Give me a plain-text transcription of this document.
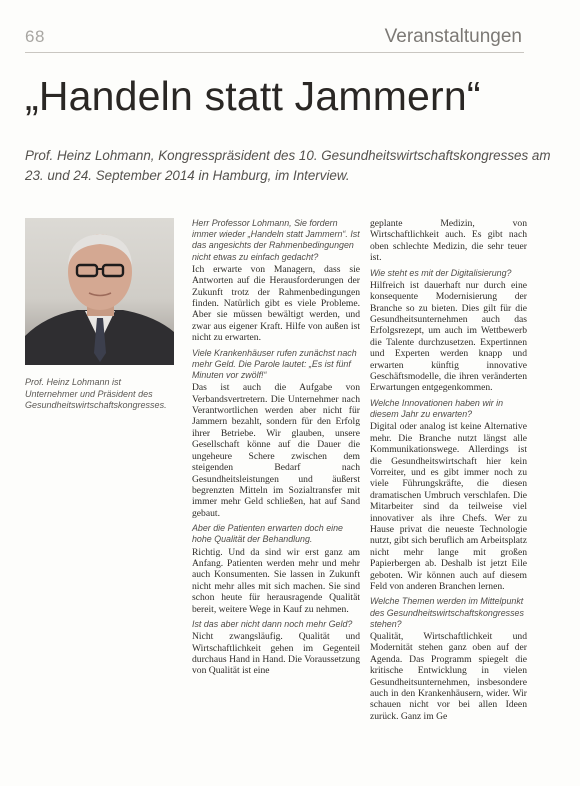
68	Veranstaltungen
„Handeln statt Jammern“

Prof. Heinz Lohmann, Kongresspräsident des 10. Gesundheitswirtschaftskongresses am 23. und 24. September 2014 in Hamburg, im Interview.

Prof. Heinz Lohmann ist Unternehmer und Präsident des Gesundheitswirtschaftskongresses.

Herr Professor Lohmann, Sie fordern immer wieder „Handeln statt Jammern“. Ist das angesichts der Rahmenbedingungen nicht etwas zu einfach gedacht?

Ich erwarte von Managern, dass sie Antworten auf die Herausforderungen der Zukunft trotz der Rahmenbedingungen finden. Natürlich gibt es viele Probleme. Aber sie müssen bewältigt werden, und zwar aus eigener Kraft. Hilfe von außen ist nicht zu erwarten.

Viele Krankenhäuser rufen zunächst nach mehr Geld. Die Parole lautet: „Es ist fünf Minuten vor zwölf!“

Das ist auch die Aufgabe von Verbandsvertretern. Die Unternehmer nach Verantwortlichen werden aber nicht für Jammern bezahlt, sondern für den Erfolg ihrer Betriebe. Wir glauben, unsere Gesellschaft könne auf die Dauer die ungeheure Schere zwischen dem steigenden Bedarf nach Gesundheitsleistungen und äußerst begrenzten Mitteln im Sozialtransfer mit immer mehr Geld schließen, hat auf Sand gebaut.

Aber die Patienten erwarten doch eine hohe Qualität der Behandlung.

Richtig. Und da sind wir erst ganz am Anfang. Patienten werden mehr und mehr auch Konsumenten. Sie lassen in Zukunft nicht mehr alles mit sich machen. Sie sind schon heute für herausragende Qualität bereit, weitere Wege in Kauf zu nehmen.

Ist das aber nicht dann noch mehr Geld?

Nicht zwangsläufig. Qualität und Wirtschaftlichkeit gehen im Gegenteil durchaus Hand in Hand. Die Voraussetzung von Qualität ist eine

geplante Medizin, von Wirtschaftlichkeit auch. Es gibt nach oben schlechte Medizin, die sehr teuer ist.

Wie steht es mit der Digitalisierung?

Hilfreich ist dauerhaft nur durch eine konsequente Modernisierung der Branche so zu bieten. Dies gilt für die Gesundheitsunternehmen auch das Erfolgsrezept, um auch im Wettbewerb die Talente durchzusetzen. Expertinnen und Experten werden knapp und erwarten künftig innovative Geschäftsmodelle, die ihren veränderten Erwartungen entgegenkommen.

Welche Innovationen haben wir in diesem Jahr zu erwarten?

Digital oder analog ist keine Alternative mehr. Die Branche nutzt längst alle Kommunikationswege. Allerdings ist die Gesundheitswirtschaft hier kein Vorreiter, und es gibt immer noch zu viele Führungskräfte, die diesen dramatischen Umbruch verschlafen. Die Mitarbeiter sind da teilweise viel innovativer als ihre Chefs. Wer zu Hause privat die neueste Technologie nutzt, gibt sich beruflich am Arbeitsplatz nicht mehr lange mit großen Papierbergen ab. Deshalb ist jetzt Eile geboten. Wir können auch auf diesem Feld von anderen Branchen lernen.

Welche Themen werden im Mittelpunkt des Gesundheitswirtschaftskongresses stehen?

Qualität, Wirtschaftlichkeit und Modernität stehen ganz oben auf der Agenda. Das Programm spiegelt die kritische Entwicklung in vielen Gesundheitsunternehmen, insbesondere auch in den Krankenhäusern, wider. Wir schauen nicht vor bei allen Ideen zurück. Ganz im Ge
